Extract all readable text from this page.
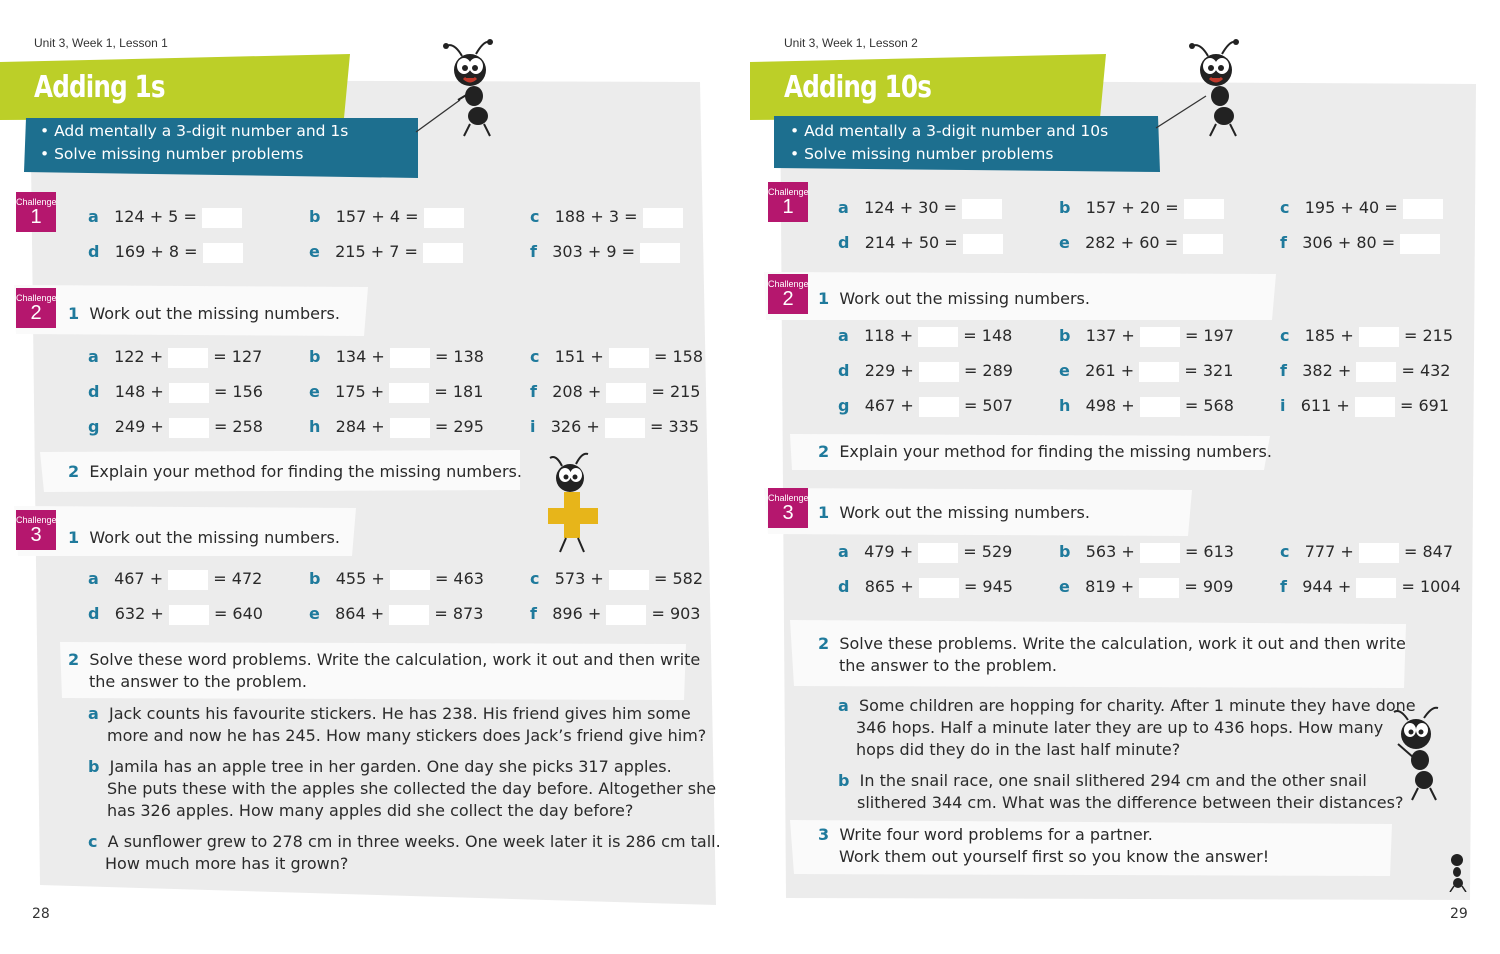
Unit 3, Week 1, Lesson 1
Adding 1s
• Add mentally a 3-digit number and 1s
• Solve missing number problems
Challenge
1	a 124 + 5 =	b 157 + 4 =	c 188 + 3 =
d 169 + 8 =	e 215 + 7 =	f 303 + 9 =
Challenge
2	1 Work out the missing numbers.
a 122 +	= 127	b 134 +	= 138	c 151 +	= 158
d 148 +	= 156	e 175 +	= 181	f 208 +	= 215
g 249 +	= 258	h 284 +	= 295	i 326 +	= 335
2 Explain your method for finding the missing numbers.
Challenge
3	1 Work out the missing numbers.
a 467 +	= 472	b 455 +	= 463	c 573 +	= 582
d 632 +	= 640	e 864 +	= 873	f 896 +	= 903
2 Solve these word problems. Write the calculation, work it out and then write
the answer to the problem.
a Jack counts his favourite stickers. He has 238. His friend gives him some
more and now he has 245. How many stickers does Jack’s friend give him?
b Jamila has an apple tree in her garden. One day she picks 317 apples.
She puts these with the apples she collected the day before. Altogether she
has 326 apples. How many apples did she collect the day before?
c A sunflower grew to 278 cm in three weeks. One week later it is 286 cm tall.
How much more has it grown?
28
Unit 3, Week 1, Lesson 2
Adding 10s
• Add mentally a 3-digit number and 10s
• Solve missing number problems
Challenge
1	a 124 + 30 =	b 157 + 20 =	c 195 + 40 =
d 214 + 50 =	e 282 + 60 =	f 306 + 80 =
Challenge
2	1 Work out the missing numbers.
a 118 +	= 148	b 137 +	= 197	c 185 +	= 215
d 229 +	= 289	e 261 +	= 321	f 382 +	= 432
g 467 +	= 507	h 498 +	= 568	i 611 +	= 691
2 Explain your method for finding the missing numbers.
Challenge
3	1 Work out the missing numbers.
a 479 +	= 529	b 563 +	= 613	c 777 +	= 847
d 865 +	= 945	e 819 +	= 909	f 944 +	= 1004
2 Solve these problems. Write the calculation, work it out and then write
the answer to the problem.
a Some children are hopping for charity. After 1 minute they have done
346 hops. Half a minute later they are up to 436 hops. How many
hops did they do in the last half minute?
b In the snail race, one snail slithered 294 cm and the other snail
slithered 344 cm. What was the difference between their distances?
3 Write four word problems for a partner.
Work them out yourself first so you know the answer!
29
